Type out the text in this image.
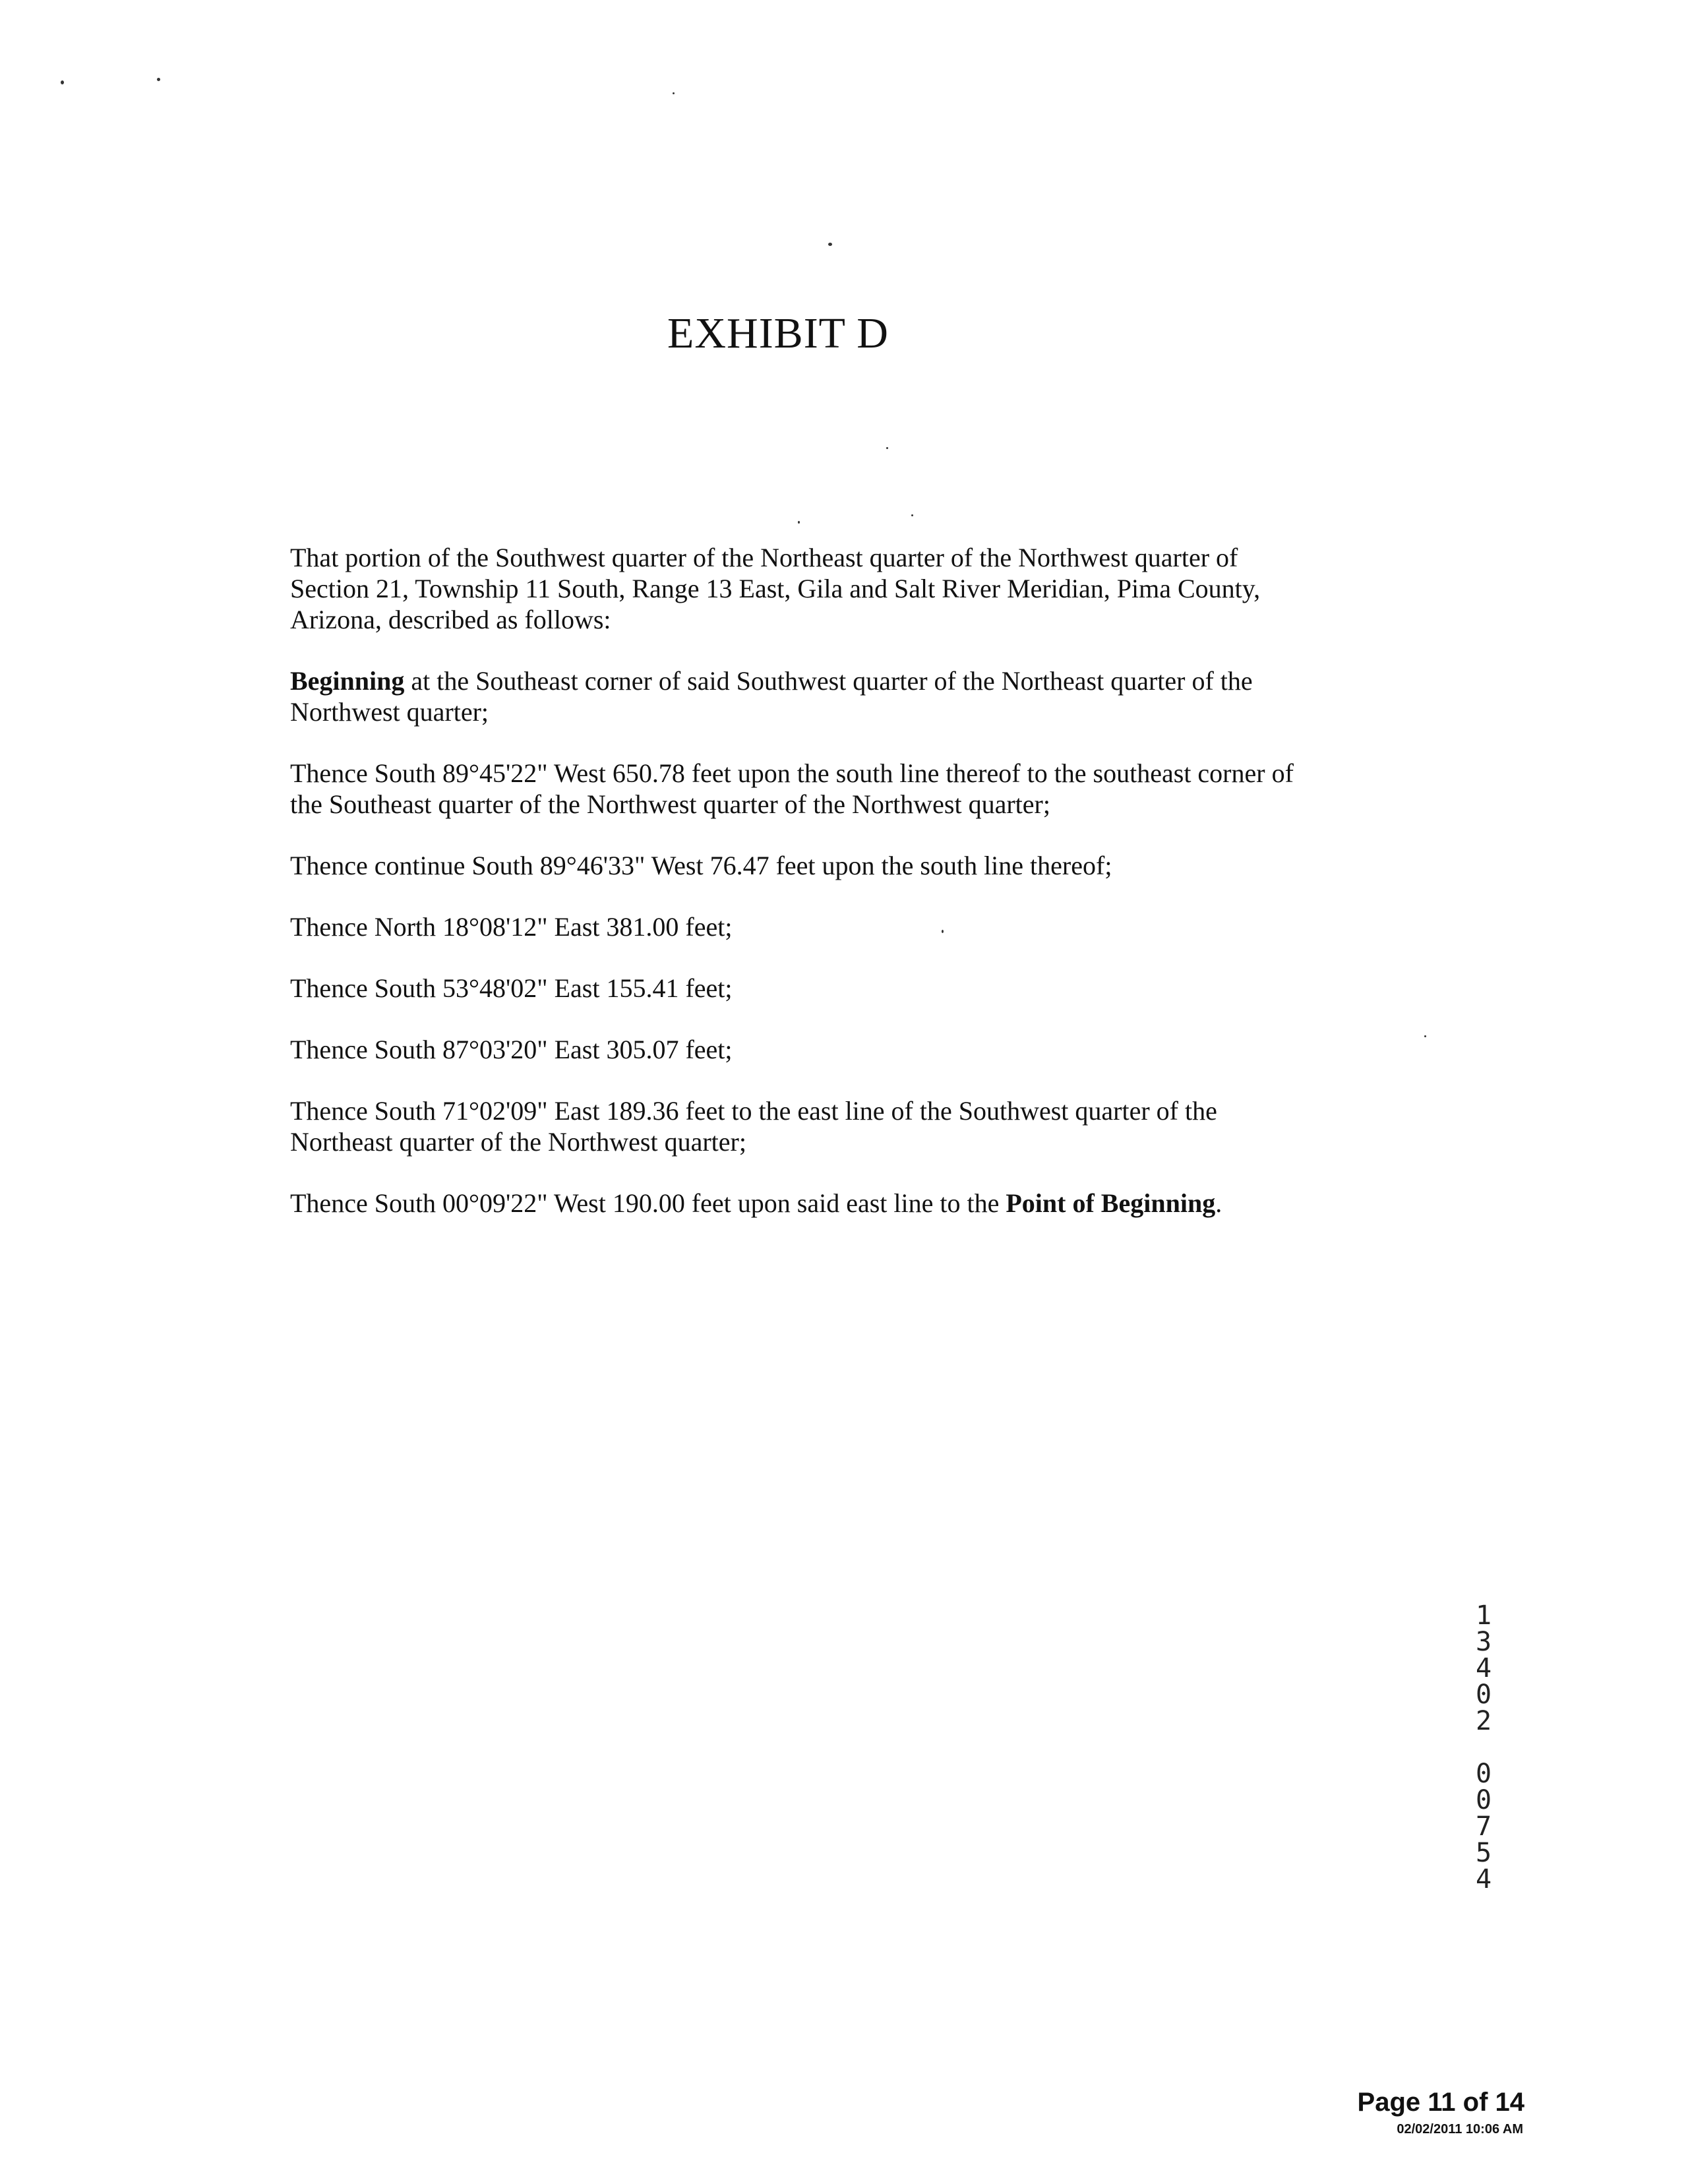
EXHIBIT D

That portion of the Southwest quarter of the Northeast quarter of the Northwest quarter of Section 21, Township 11 South, Range 13 East, Gila and Salt River Meridian, Pima County, Arizona, described as follows:

Beginning at the Southeast corner of said Southwest quarter of the Northeast quarter of the Northwest quarter;

Thence South 89°45'22" West 650.78 feet upon the south line thereof to the southeast corner of the Southeast quarter of the Northwest quarter of the Northwest quarter;

Thence continue South 89°46'33" West 76.47 feet upon the south line thereof;

Thence North 18°08'12" East 381.00 feet;

Thence South 53°48'02" East 155.41 feet;

Thence South 87°03'20" East 305.07 feet;

Thence South 71°02'09" East 189.36 feet to the east line of the Southwest quarter of the Northeast quarter of the Northwest quarter;

Thence South 00°09'22" West 190.00 feet upon said east line to the Point of Beginning.

1
3
4
0
2
0
0
7
5
4
Page 11 of 14
02/02/2011 10:06 AM
